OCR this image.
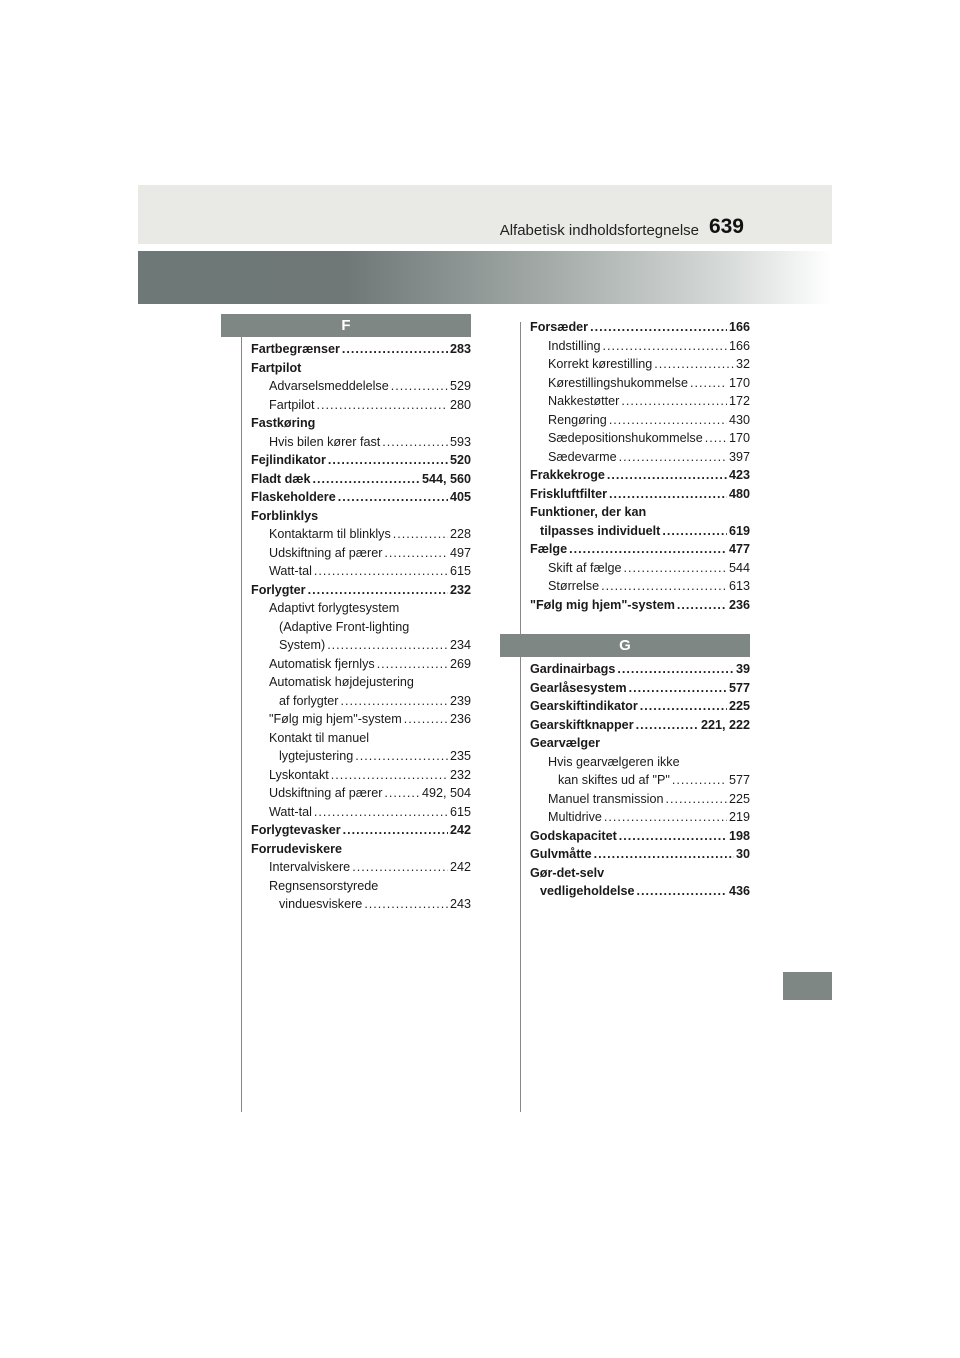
Alfabetisk indholdsfortegnelse 639
F
G
Fartbegrænser .....	283
Fartpilot
Advarselsmeddelelse .....	529
Fartpilot .....	280
Fastkøring
Hvis bilen kører fast .....	593
Fejlindikator .....	520
Fladt dæk .....	544, 560
Flaskeholdere .....	405
Forblinklys
Kontaktarm til blinklys .....	228
Udskiftning af pærer .....	497
Watt-tal .....	615
Forlygter .....	232
Adaptivt forlygtesystem
(Adaptive Front-lighting
System) .....	234
Automatisk fjernlys .....	269
Automatisk højdejustering
af forlygter .....	239
"Følg mig hjem"-system .....	236
Kontakt til manuel
lygtejustering .....	235
Lyskontakt .....	232
Udskiftning af pærer .....	492, 504
Watt-tal .....	615
Forlygtevasker .....	242
Forrudeviskere
Intervalviskere .....	242
Regnsensorstyrede
vinduesviskere .....	243
Forsæder .....	166
Indstilling .....	166
Korrekt kørestilling .....	32
Kørestillingshukommelse .....	170
Nakkestøtter .....	172
Rengøring .....	430
Sædepositionshukommelse ..... 170
Sædevarme .....	397
Frakkekroge .....	423
Friskluftfilter .....	480
Funktioner, der kan
tilpasses individuelt .....	619
Fælge .....	477
Skift af fælge .....	544
Størrelse .....	613
"Følg mig hjem"-system .....	236
Gardinairbags .....	39
Gearlåsesystem .....	577
Gearskiftindikator .....	225
Gearskiftknapper .....	221, 222
Gearvælger
Hvis gearvælgeren ikke
kan skiftes ud af "P" .....	577
Manuel transmission .....	225
Multidrive .....	219
Godskapacitet .....	198
Gulvmåtte .....	30
Gør-det-selv
vedligeholdelse .....	436
